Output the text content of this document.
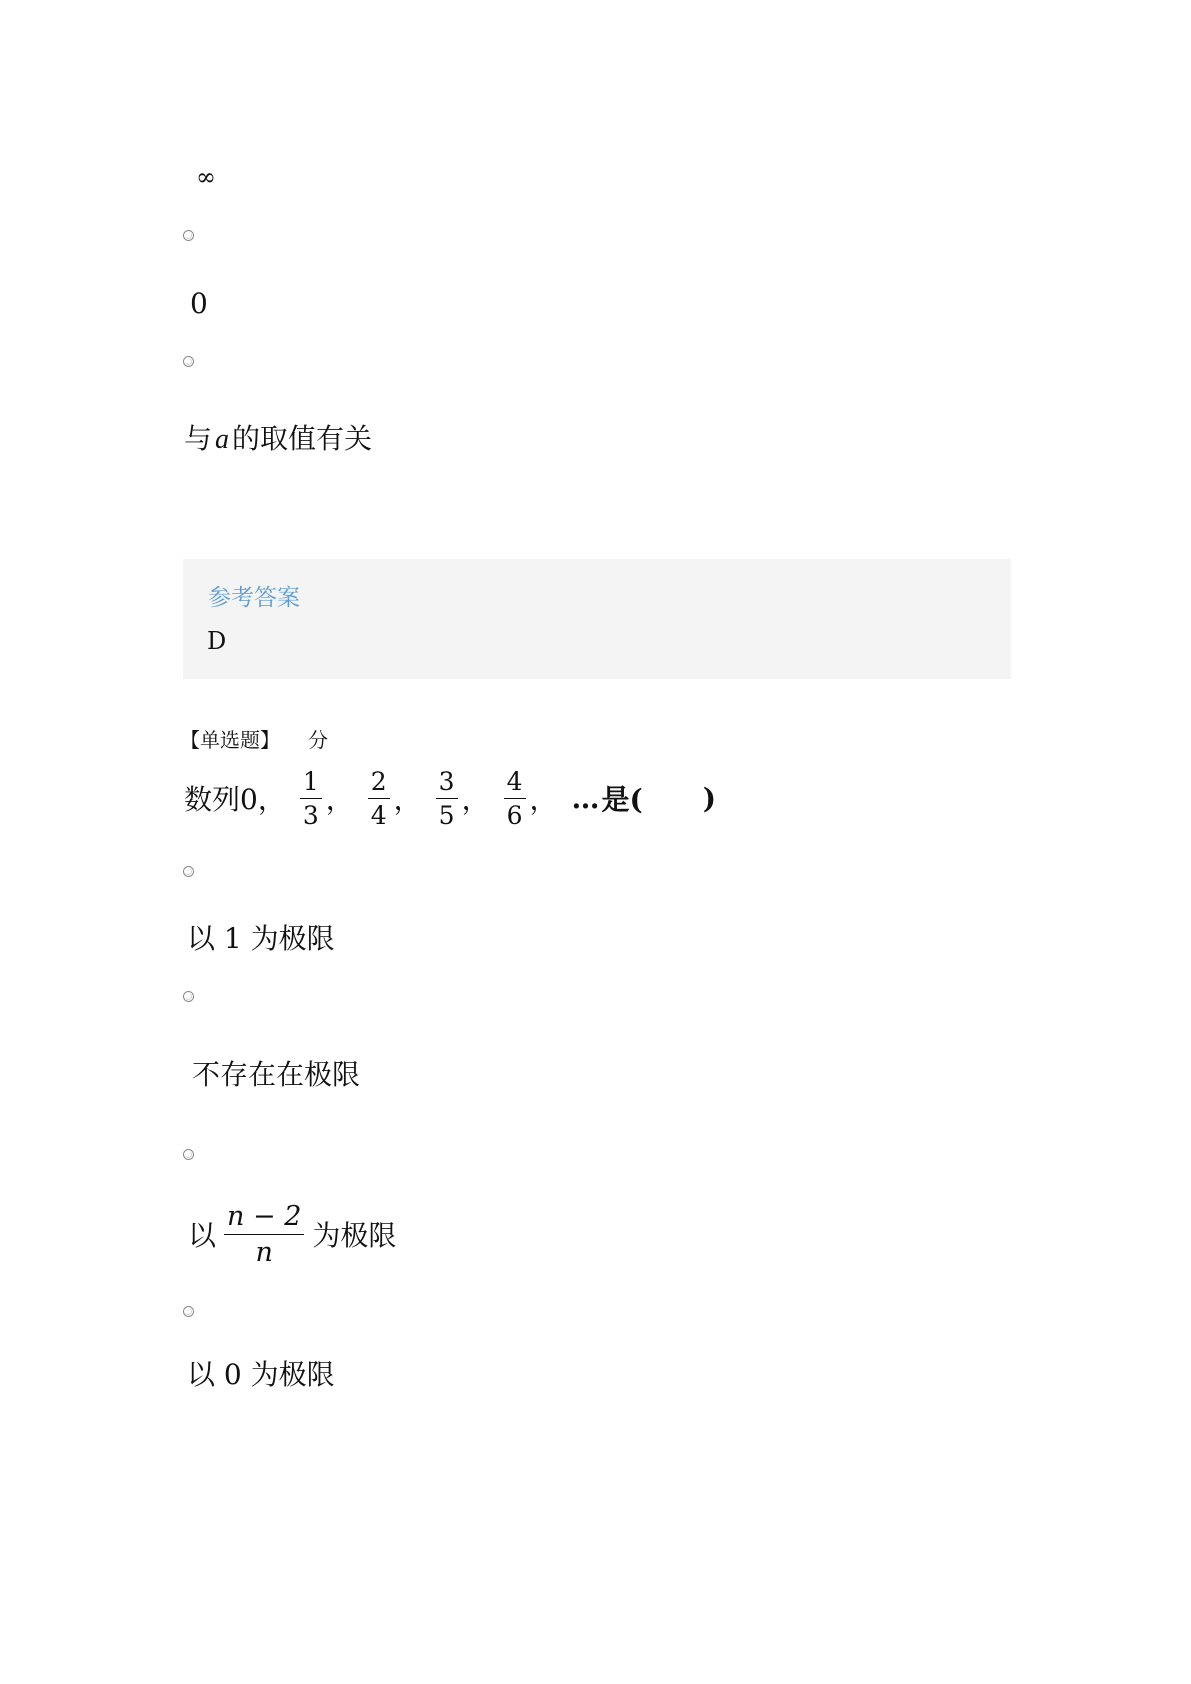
∞
0
与 a 的取值有关
参考答案
D
【单选题】 分
数列0， $\frac{1}{3}$ ， $\frac{2}{4}$ ， $\frac{3}{5}$ ， $\frac{4}{6}$ ， … 是( )
以 1 为极限
不存在在极限
以 $\frac{n - 2}{n}$ 为极限
以 0 为极限
